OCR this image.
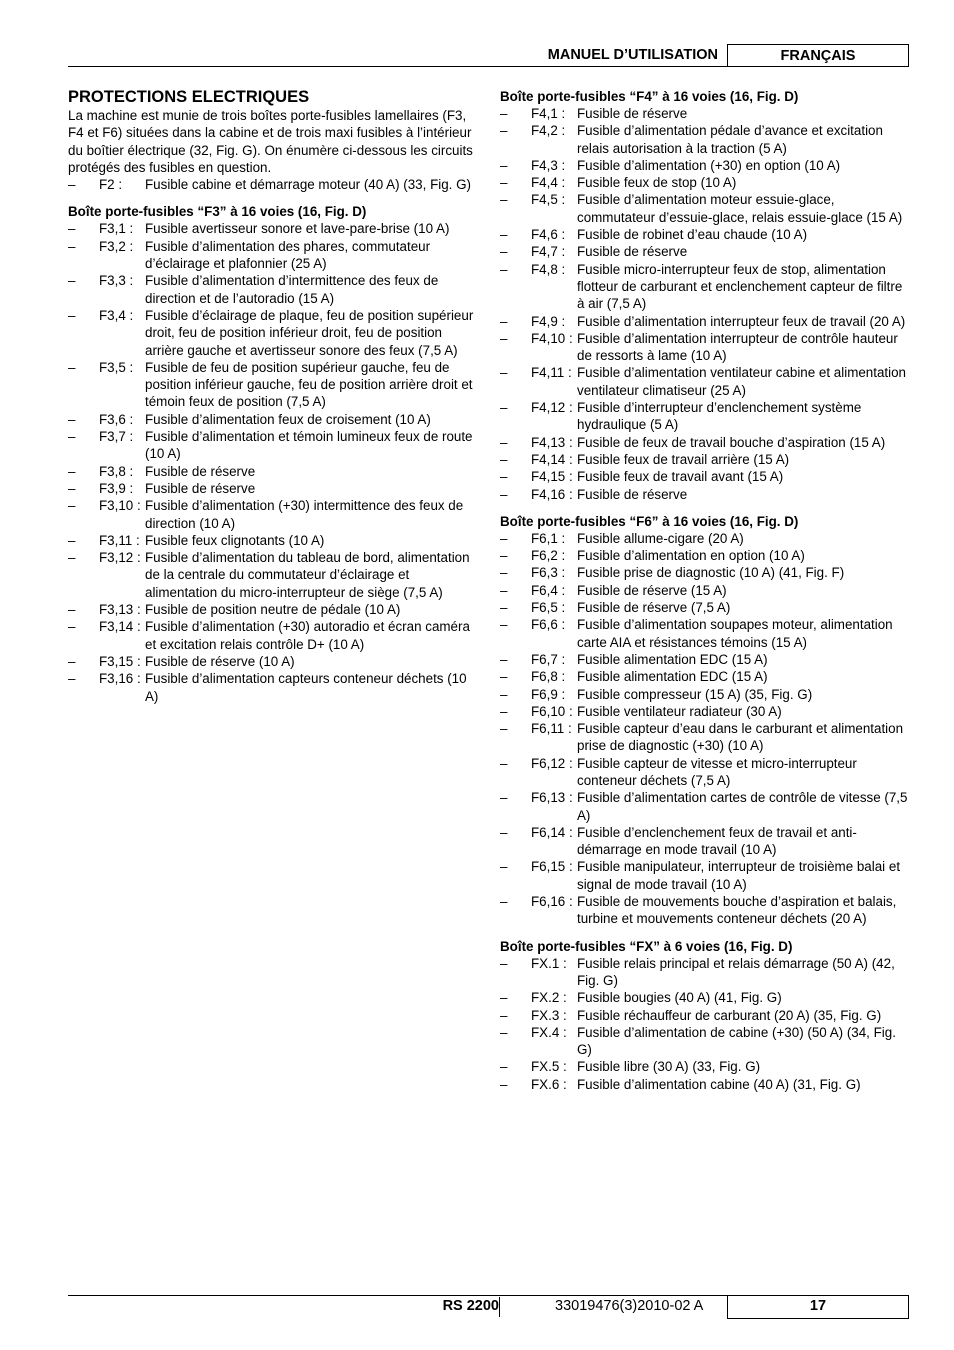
MANUEL D’UTILISATION	FRANÇAIS
PROTECTIONS ELECTRIQUES
La machine est munie de trois boîtes porte-fusibles lamellaires (F3, F4 et F6) situées dans la cabine et de trois maxi fusibles à l’intérieur du boîtier électrique (32, Fig. G). On énumère ci-dessous les circuits protégés des fusibles en question.
–	F2 :	Fusible cabine et démarrage moteur (40 A) (33, Fig. G)
Boîte porte-fusibles “F3” à 16 voies (16, Fig. D)
–	F3,1 : Fusible avertisseur sonore et lave-pare-brise (10 A)
–	F3,2 : Fusible d’alimentation des phares, commutateur d’éclairage et plafonnier (25 A)
–	F3,3 : Fusible d’alimentation d’intermittence des feux de direction et de l’autoradio (15 A)
–	F3,4 : Fusible d’éclairage de plaque, feu de position supérieur droit, feu de position inférieur droit, feu de position arrière gauche et avertisseur sonore des feux (7,5 A)
–	F3,5 : Fusible de feu de position supérieur gauche, feu de position inférieur gauche, feu de position arrière droit et témoin feux de position (7,5 A)
–	F3,6 : Fusible d’alimentation feux de croisement (10 A)
–	F3,7 : Fusible d’alimentation et témoin lumineux feux de route (10 A)
–	F3,8 : Fusible de réserve
–	F3,9 : Fusible de réserve
–	F3,10 : Fusible d’alimentation (+30) intermittence des feux de direction (10 A)
–	F3,11 : Fusible feux clignotants (10 A)
–	F3,12 : Fusible d’alimentation du tableau de bord, alimentation de la centrale du commutateur d’éclairage et alimentation du micro-interrupteur de siège (7,5 A)
–	F3,13 : Fusible de position neutre de pédale (10 A)
–	F3,14 : Fusible d’alimentation (+30) autoradio et écran caméra et excitation relais contrôle D+ (10 A)
–	F3,15 : Fusible de réserve (10 A)
–	F3,16 : Fusible d’alimentation capteurs conteneur déchets (10 A)
Boîte porte-fusibles “F4” à 16 voies (16, Fig. D)
–	F4,1 : Fusible de réserve
–	F4,2 : Fusible d’alimentation pédale d’avance et excitation relais autorisation à la traction (5 A)
–	F4,3 : Fusible d’alimentation (+30) en option (10 A)
–	F4,4 : Fusible feux de stop (10 A)
–	F4,5 : Fusible d’alimentation moteur essuie-glace, commutateur d’essuie-glace, relais essuie-glace (15 A)
–	F4,6 : Fusible de robinet d’eau chaude (10 A)
–	F4,7 : Fusible de réserve
–	F4,8 : Fusible micro-interrupteur feux de stop, alimentation flotteur de carburant et enclenchement capteur de filtre à air (7,5 A)
–	F4,9 : Fusible d’alimentation interrupteur feux de travail (20 A)
–	F4,10 : Fusible d’alimentation interrupteur de contrôle hauteur de ressorts à lame (10 A)
–	F4,11 : Fusible d’alimentation ventilateur cabine et alimentation ventilateur climatiseur (25 A)
–	F4,12 : Fusible d’interrupteur d’enclenchement système hydraulique (5 A)
–	F4,13 : Fusible de feux de travail bouche d’aspiration (15 A)
–	F4,14 : Fusible feux de travail arrière (15 A)
–	F4,15 : Fusible feux de travail avant (15 A)
–	F4,16 : Fusible de réserve
Boîte porte-fusibles “F6” à 16 voies (16, Fig. D)
–	F6,1 : Fusible allume-cigare (20 A)
–	F6,2 : Fusible d’alimentation en option (10 A)
–	F6,3 : Fusible prise de diagnostic (10 A) (41, Fig. F)
–	F6,4 : Fusible de réserve (15 A)
–	F6,5 : Fusible de réserve (7,5 A)
–	F6,6 : Fusible d’alimentation soupapes moteur, alimentation carte AIA et résistances témoins (15 A)
–	F6,7 : Fusible alimentation EDC (15 A)
–	F6,8 : Fusible alimentation EDC (15 A)
–	F6,9 : Fusible compresseur (15 A) (35, Fig. G)
–	F6,10 : Fusible ventilateur radiateur (30 A)
–	F6,11 : Fusible capteur d’eau dans le carburant et alimentation prise de diagnostic (+30) (10 A)
–	F6,12 : Fusible capteur de vitesse et micro-interrupteur conteneur déchets (7,5 A)
–	F6,13 : Fusible d’alimentation cartes de contrôle de vitesse (7,5 A)
–	F6,14 : Fusible d’enclenchement feux de travail et anti-démarrage en mode travail (10 A)
–	F6,15 : Fusible manipulateur, interrupteur de troisième balai et signal de mode travail (10 A)
–	F6,16 : Fusible de mouvements bouche d’aspiration et balais, turbine et mouvements conteneur déchets (20 A)
Boîte porte-fusibles “FX” à 6 voies (16, Fig. D)
–	FX.1 : Fusible relais principal et relais démarrage (50 A) (42, Fig. G)
–	FX.2 : Fusible bougies (40 A) (41, Fig. G)
–	FX.3 : Fusible réchauffeur de carburant (20 A) (35, Fig. G)
–	FX.4 : Fusible d’alimentation de cabine (+30) (50 A) (34, Fig. G)
–	FX.5 : Fusible libre (30 A) (33, Fig. G)
–	FX.6 : Fusible d’alimentation cabine (40 A) (31, Fig. G)
RS 2200	33019476(3)2010-02 A	17
